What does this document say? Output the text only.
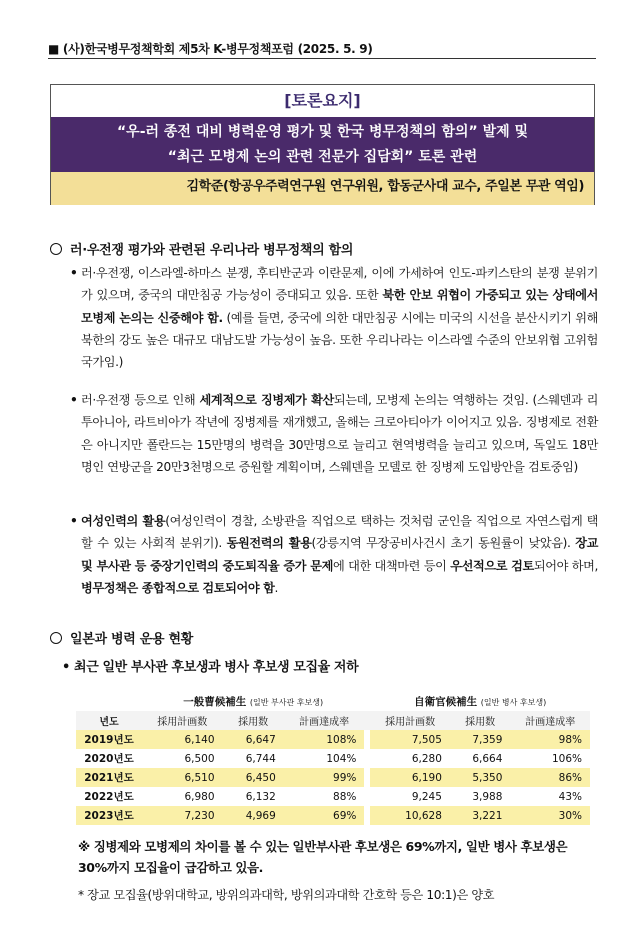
■ (사)한국병무정책학회 제5차 K-병무정책포럼 (2025. 5. 9)
[토론요지]
“우-러 종전 대비 병력운영 평가 및 한국 병무정책의 함의” 발제 및
“최근 모병제 논의 관련 전문가 집담회” 토론 관련
김학준(항공우주력연구원 연구위원, 합동군사대 교수, 주일본 무관 역임)
러·우전쟁 평가와 관련된 우리나라 병무정책의 함의
• 러·우전쟁, 이스라엘-하마스 분쟁, 후티반군과 이란문제, 이에 가세하여 인도-파키스탄의 분쟁 분위기가 있으며, 중국의 대만침공 가능성이 증대되고 있음. 또한 북한 안보 위협이 가중되고 있는 상태에서 모병제 논의는 신중해야 함. (예를 들면, 중국에 의한 대만침공 시에는 미국의 시선을 분산시키기 위해 북한의 강도 높은 대규모 대남도발 가능성이 높음. 또한 우리나라는 이스라엘 수준의 안보위협 고위험국가임.)
• 러·우전쟁 등으로 인해 세계적으로 징병제가 확산되는데, 모병제 논의는 역행하는 것임. (스웨덴과 리투아니아, 라트비아가 작년에 징병제를 재개했고, 올해는 크로아티아가 이어지고 있음. 징병제로 전환은 아니지만 폴란드는 15만명의 병력을 30만명으로 늘리고 현역병력을 늘리고 있으며, 독일도 18만명인 연방군을 20만3천명으로 증원할 계획이며, 스웨덴을 모델로 한 징병제 도입방안을 검토중임)
• 여성인력의 활용(여성인력이 경찰, 소방관을 직업으로 택하는 것처럼 군인을 직업으로 자연스럽게 택할 수 있는 사회적 분위기). 동원전력의 활용(강릉지역 무장공비사건시 초기 동원률이 낮았음). 장교 및 부사관 등 중장기인력의 중도퇴직율 증가 문제에 대한 대책마련 등이 우선적으로 검토되어야 하며, 병무정책은 종합적으로 검토되어야 함.
일본과 병력 운용 현황
• 최근 일반 부사관 후보생과 병사 후보생 모집율 저하
	一般曹候補生 (일반 부사관 후보생)				自衛官候補生 (일반 병사 후보생)		
년도	採用計画数	採用数	計画達成率		採用計画数	採用数	計画達成率
2019년도	6,140	6,647	108%		7,505	7,359	98%
2020년도	6,500	6,744	104%		6,280	6,664	106%
2021년도	6,510	6,450	99%		6,190	5,350	86%
2022년도	6,980	6,132	88%		9,245	3,988	43%
2023년도	7,230	4,969	69%		10,628	3,221	30%
※ 징병제와 모병제의 차이를 볼 수 있는 일반부사관 후보생은 69%까지, 일반 병사 후보생은 30%까지 모집율이 급감하고 있음.
* 장교 모집율(방위대학교, 방위의과대학, 방위의과대학 간호학 등은 10:1)은 양호
